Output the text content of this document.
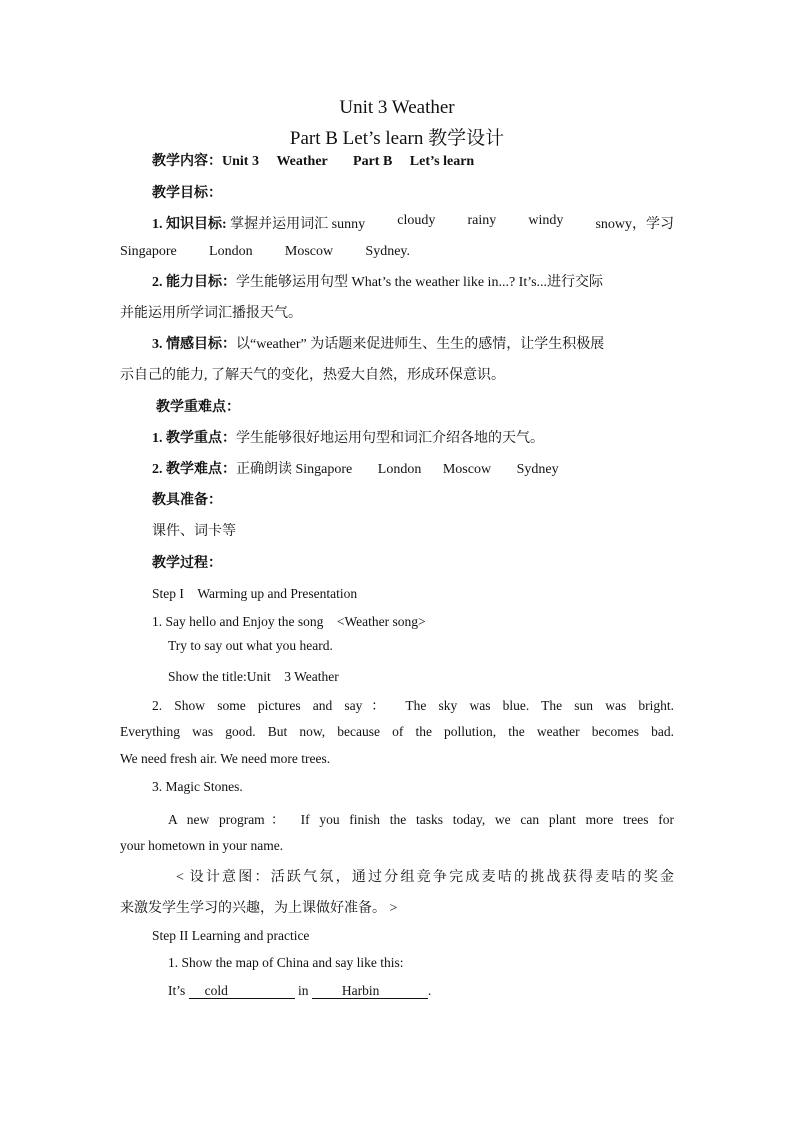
Unit 3 Weather
Part B Let’s learn 教学设计
教学内容：Unit 3 Weather Part B Let’s learn
教学目标：
1. 知识目标: 掌握并运用词汇 sunny cloudy rainy windy snowy，学习
Singapore London Moscow Sydney.
2. 能力目标：学生能够运用句型 What’s the weather like in...? It’s...进行交际
并能运用所学词汇播报天气。
3. 情感目标：以“weather” 为话题来促进师生、生生的感情，让学生积极展
示自己的能力, 了解天气的变化，热爱大自然，形成环保意识。
教学重难点：
1. 教学重点：学生能够很好地运用句型和词汇介绍各地的天气。
2. 教学难点：正确朗读 Singapore London Moscow Sydney
教具准备：
课件、词卡等
教学过程：
Step I　Warming up and Presentation
1. Say hello and Enjoy the song　<Weather song>
Try to say out what you heard.
Show the title:Unit　3 Weather
2. Show some pictures and say： The sky was blue. The sun was bright.
Everything was good. But now, because of the pollution, the weather becomes bad.
We need fresh air. We need more trees.
3. Magic Stones.
A new program： If you finish the tasks today, we can plant more trees for
your hometown in your name.
< 设计意图：活跃气氛，通过分组竞争完成麦咭的挑战获得麦咭的奖金
来激发学生学习的兴趣，为上课做好准备。 >
Step II Learning and practice
1. Show the map of China and say like this:
It’s cold	in Harbin	.
